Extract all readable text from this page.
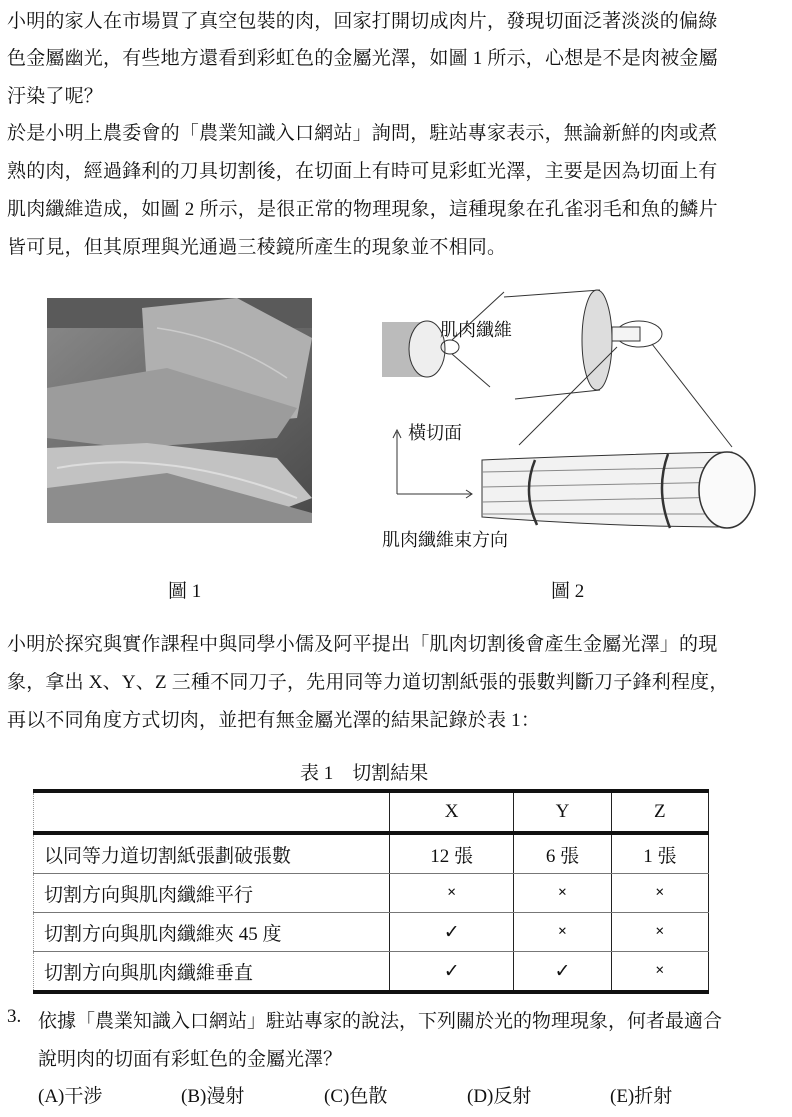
小明的家人在市場買了真空包裝的肉，回家打開切成肉片，發現切面泛著淡淡的偏綠
色金屬幽光，有些地方還看到彩虹色的金屬光澤，如圖 1 所示，心想是不是肉被金屬
汙染了呢？
於是小明上農委會的「農業知識入口網站」詢問，駐站專家表示，無論新鮮的肉或煮
熟的肉，經過鋒利的刀具切割後，在切面上有時可見彩虹光澤，主要是因為切面上有
肌肉纖維造成，如圖 2 所示，是很正常的物理現象，這種現象在孔雀羽毛和魚的鱗片
皆可見，但其原理與光通過三稜鏡所產生的現象並不相同。
肌肉纖維
橫切面
肌肉纖維束方向
圖 1	圖 2
小明於探究與實作課程中與同學小儒及阿平提出「肌肉切割後會產生金屬光澤」的現
象，拿出 X、Y、Z 三種不同刀子，先用同等力道切割紙張的張數判斷刀子鋒利程度，
再以不同角度方式切肉，並把有無金屬光澤的結果記錄於表 1：
表 1　切割結果
	X	Y	Z
以同等力道切割紙張劃破張數	12 張	6 張	1 張
切割方向與肌肉纖維平行	×	×	×
切割方向與肌肉纖維夾 45 度	✓	×	×
切割方向與肌肉纖維垂直	✓	✓	×
3. 依據「農業知識入口網站」駐站專家的說法，下列關於光的物理現象，何者最適合
說明肉的切面有彩虹色的金屬光澤？
(A)干涉	(B)漫射	(C)色散	(D)反射	(E)折射
